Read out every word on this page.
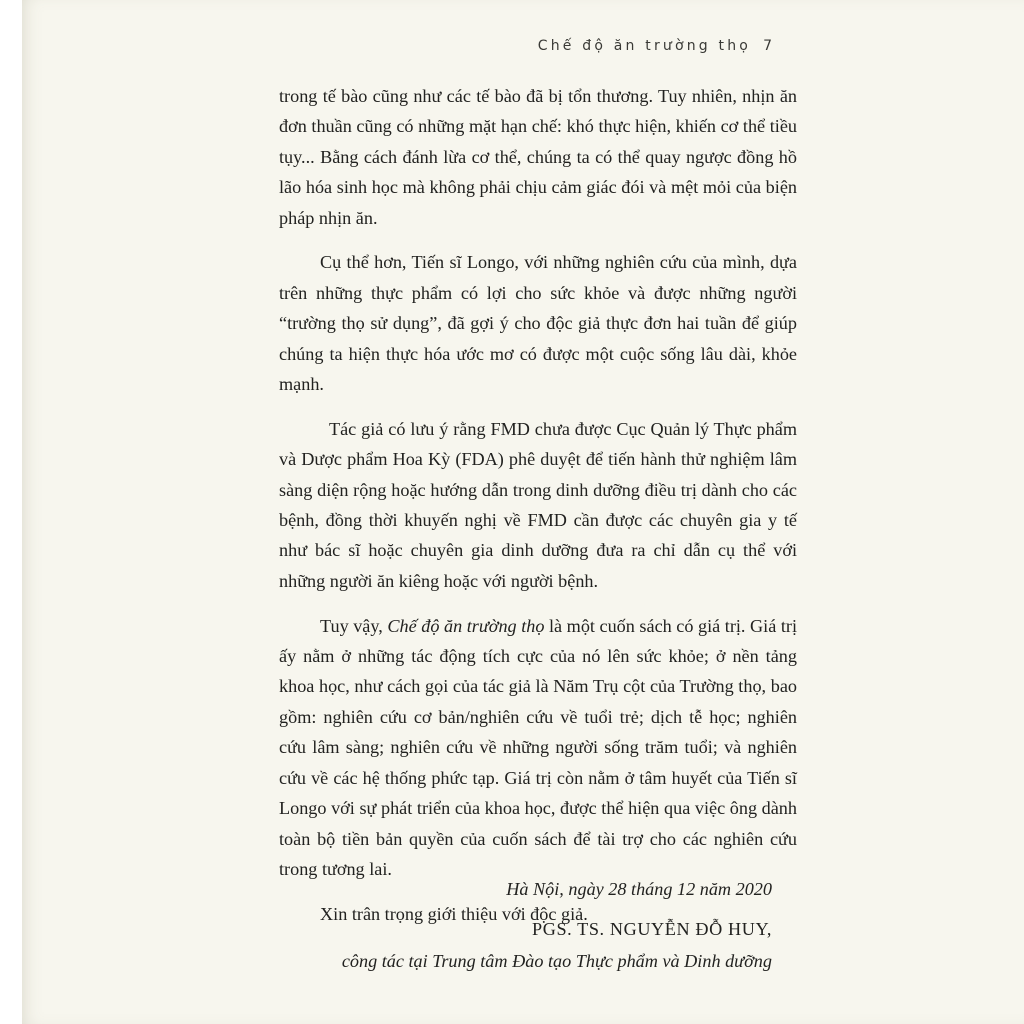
Chế độ ăn trường thọ 7

trong tế bào cũng như các tế bào đã bị tổn thương. Tuy nhiên, nhịn ăn đơn thuần cũng có những mặt hạn chế: khó thực hiện, khiến cơ thể tiều tụy... Bằng cách đánh lừa cơ thể, chúng ta có thể quay ngược đồng hồ lão hóa sinh học mà không phải chịu cảm giác đói và mệt mỏi của biện pháp nhịn ăn.

Cụ thể hơn, Tiến sĩ Longo, với những nghiên cứu của mình, dựa trên những thực phẩm có lợi cho sức khỏe và được những người “trường thọ sử dụng”, đã gợi ý cho độc giả thực đơn hai tuần để giúp chúng ta hiện thực hóa ước mơ có được một cuộc sống lâu dài, khỏe mạnh.

Tác giả có lưu ý rằng FMD chưa được Cục Quản lý Thực phẩm và Dược phẩm Hoa Kỳ (FDA) phê duyệt để tiến hành thử nghiệm lâm sàng diện rộng hoặc hướng dẫn trong dinh dưỡng điều trị dành cho các bệnh, đồng thời khuyến nghị về FMD cần được các chuyên gia y tế như bác sĩ hoặc chuyên gia dinh dưỡng đưa ra chỉ dẫn cụ thể với những người ăn kiêng hoặc với người bệnh.

Tuy vậy, Chế độ ăn trường thọ là một cuốn sách có giá trị. Giá trị ấy nằm ở những tác động tích cực của nó lên sức khỏe; ở nền tảng khoa học, như cách gọi của tác giả là Năm Trụ cột của Trường thọ, bao gồm: nghiên cứu cơ bản/nghiên cứu về tuổi trẻ; dịch tễ học; nghiên cứu lâm sàng; nghiên cứu về những người sống trăm tuổi; và nghiên cứu về các hệ thống phức tạp. Giá trị còn nằm ở tâm huyết của Tiến sĩ Longo với sự phát triển của khoa học, được thể hiện qua việc ông dành toàn bộ tiền bản quyền của cuốn sách để tài trợ cho các nghiên cứu trong tương lai.

Xin trân trọng giới thiệu với độc giả.

Hà Nội, ngày 28 tháng 12 năm 2020
PGS. TS. NGUYỄN ĐỖ HUY,
công tác tại Trung tâm Đào tạo Thực phẩm và Dinh dưỡng
